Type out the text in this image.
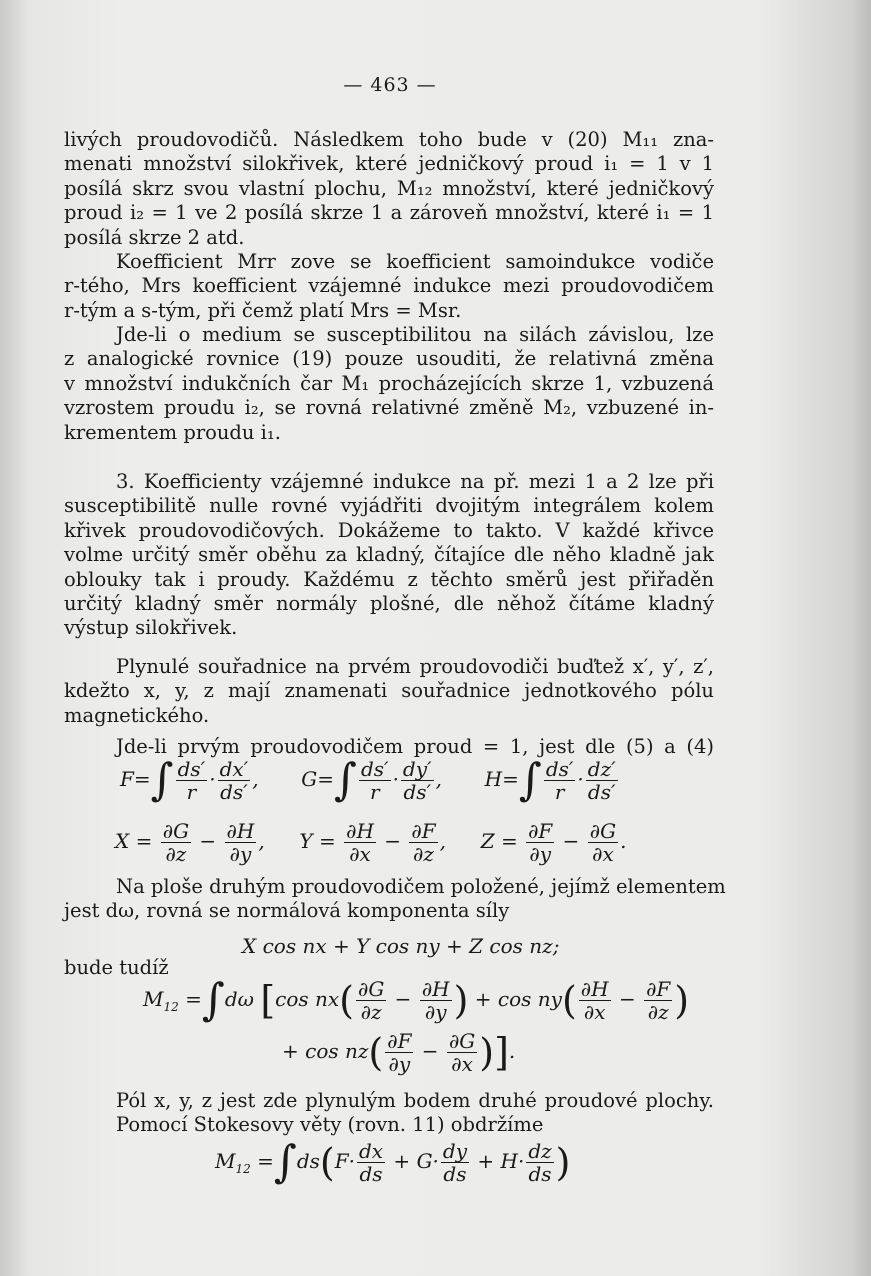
— 463 —
livých proudovodičů. Následkem toho bude v (20) M₁₁ zna-
menati množství silokřivek, které jedničkový proud i₁ = 1 v 1
posílá skrz svou vlastní plochu, M₁₂ množství, které jedničkový
proud i₂ = 1 ve 2 posílá skrze 1 a zároveň množství, které i₁ = 1
posílá skrze 2 atd.
Koefficient Mrr zove se koefficient samoindukce vodiče
r-tého, Mrs koefficient vzájemné indukce mezi proudovodičem
r-tým a s-tým, při čemž platí Mrs = Msr.
Jde-li o medium se susceptibilitou na silách závislou, lze
z analogické rovnice (19) pouze usouditi, že relativná změna
v množství indukčních čar M₁ procházejících skrze 1, vzbuzená
vzrostem proudu i₂, se rovná relativné změně M₂, vzbuzené in-
krementem proudu i₁.
3. Koefficienty vzájemné indukce na př. mezi 1 a 2 lze při
susceptibilitě nulle rovné vyjádřiti dvojitým integrálem kolem
křivek proudovodičových. Dokážeme to takto. V každé křivce
volme určitý směr oběhu za kladný, čítajíce dle něho kladně jak
oblouky tak i proudy. Každému z těchto směrů jest přiřaděn
určitý kladný směr normály plošné, dle něhož čítáme kladný
výstup silokřivek.
Plynulé souřadnice na prvém proudovodiči buďtež x′, y′, z′,
kdežto x, y, z mají znamenati souřadnice jednotkového pólu
magnetického.
Jde-li prvým proudovodičem proud = 1, jest dle (5) a (4)
$F=\int \frac{ds'}{r} \cdot \frac{dx'}{ds'}$ ,  $G=\int \frac{ds'}{r} \cdot \frac{dy'}{ds'}$ ,  $H=\int \frac{ds'}{r} \cdot \frac{dz'}{ds'}$
$X = \frac{\partial G}{\partial z} - \frac{\partial H}{\partial y}$ ,  $Y = \frac{\partial H}{\partial x} - \frac{\partial F}{\partial z}$ ,  $Z = \frac{\partial F}{\partial y} - \frac{\partial G}{\partial x}$ .
Na ploše druhým proudovodičem položené, jejímž elementem
jest dω, rovná se normálová komponenta síly
X cos nx + Y cos ny + Z cos nz;
bude tudíž
$M_{12} =\int d\omega$ [cos $nx( \frac{\partial G}{\partial z} - \frac{\partial H}{\partial y}$ ) + $\cos ny( \frac{\partial H}{\partial x} - \frac{\partial F}{\partial z}$ )
+ $\cos nz( \frac{\partial F}{\partial y} - \frac{\partial G}{\partial x}$ )].
Pól x, y, z jest zde plynulým bodem druhé proudové plochy.
Pomocí Stokesovy věty (rovn. 11) obdržíme
$M_{12} =\int ds(F\cdot \frac{dx}{ds} + G\cdot \frac{dy}{ds} + H\cdot \frac{dz}{ds}$ )
